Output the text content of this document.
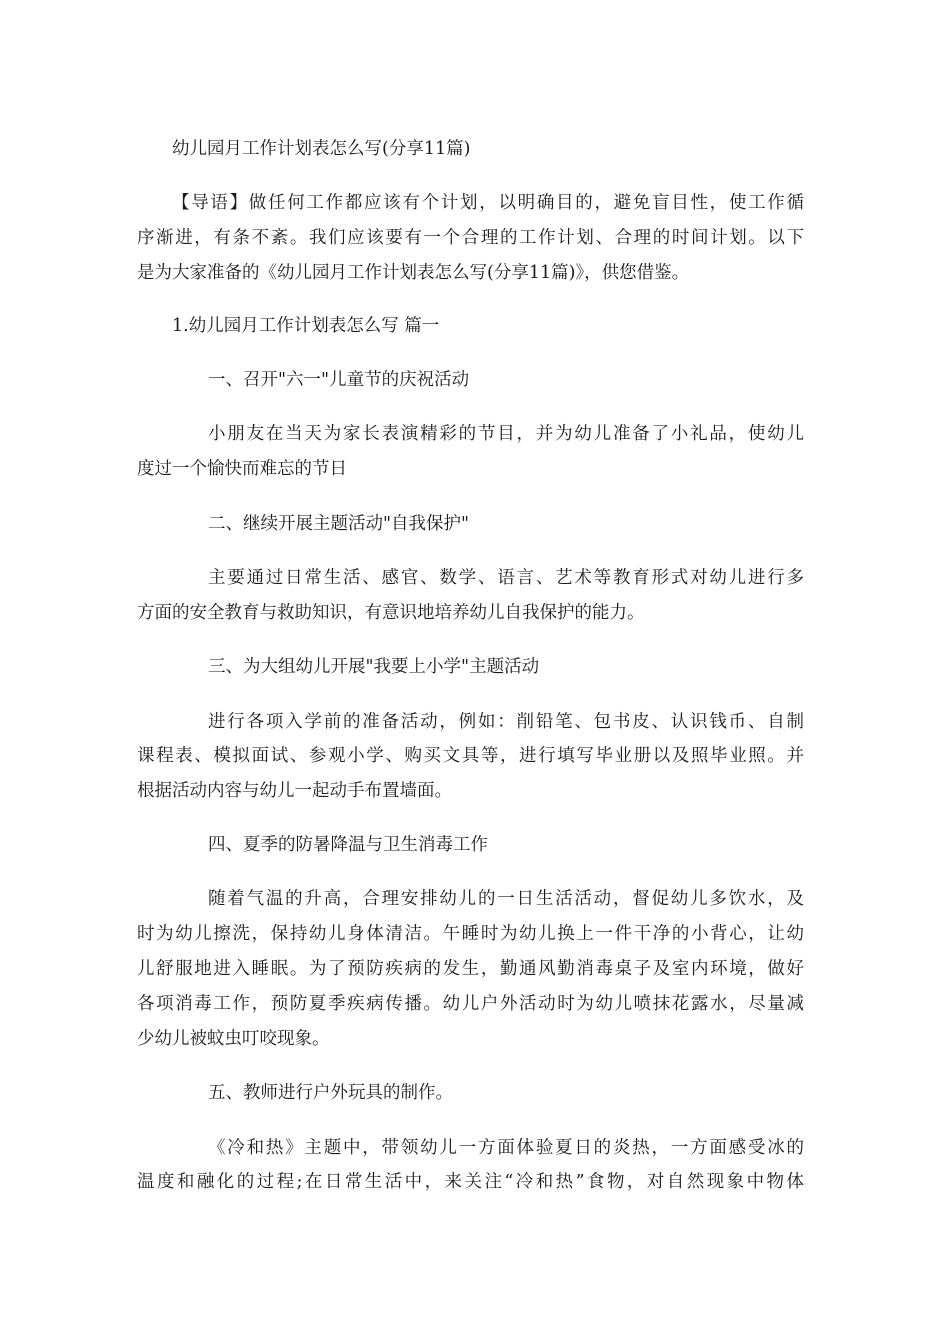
幼儿园月工作计划表怎么写(分享11篇)
【导语】做任何工作都应该有个计划，以明确目的，避免盲目性，使工作循
序渐进，有条不紊。我们应该要有一个合理的工作计划、合理的时间计划。以下
是为大家准备的《幼儿园月工作计划表怎么写(分享11篇)》，供您借鉴。
1.幼儿园月工作计划表怎么写 篇一
一、召开"六一"儿童节的庆祝活动
小朋友在当天为家长表演精彩的节目，并为幼儿准备了小礼品，使幼儿
度过一个愉快而难忘的节日
二、继续开展主题活动"自我保护"
主要通过日常生活、感官、数学、语言、艺术等教育形式对幼儿进行多
方面的安全教育与救助知识，有意识地培养幼儿自我保护的能力。
三、为大组幼儿开展"我要上小学"主题活动
进行各项入学前的准备活动，例如：削铅笔、包书皮、认识钱币、自制
课程表、模拟面试、参观小学、购买文具等，进行填写毕业册以及照毕业照。并
根据活动内容与幼儿一起动手布置墙面。
四、夏季的防暑降温与卫生消毒工作
随着气温的升高，合理安排幼儿的一日生活活动，督促幼儿多饮水，及
时为幼儿擦洗，保持幼儿身体清洁。午睡时为幼儿换上一件干净的小背心，让幼
儿舒服地进入睡眠。为了预防疾病的发生，勤通风勤消毒桌子及室内环境，做好
各项消毒工作，预防夏季疾病传播。幼儿户外活动时为幼儿喷抹花露水，尽量减
少幼儿被蚊虫叮咬现象。
五、教师进行户外玩具的制作。
《冷和热》主题中，带领幼儿一方面体验夏日的炎热，一方面感受冰的
温度和融化的过程;在日常生活中，来关注“冷和热”食物，对自然现象中物体
